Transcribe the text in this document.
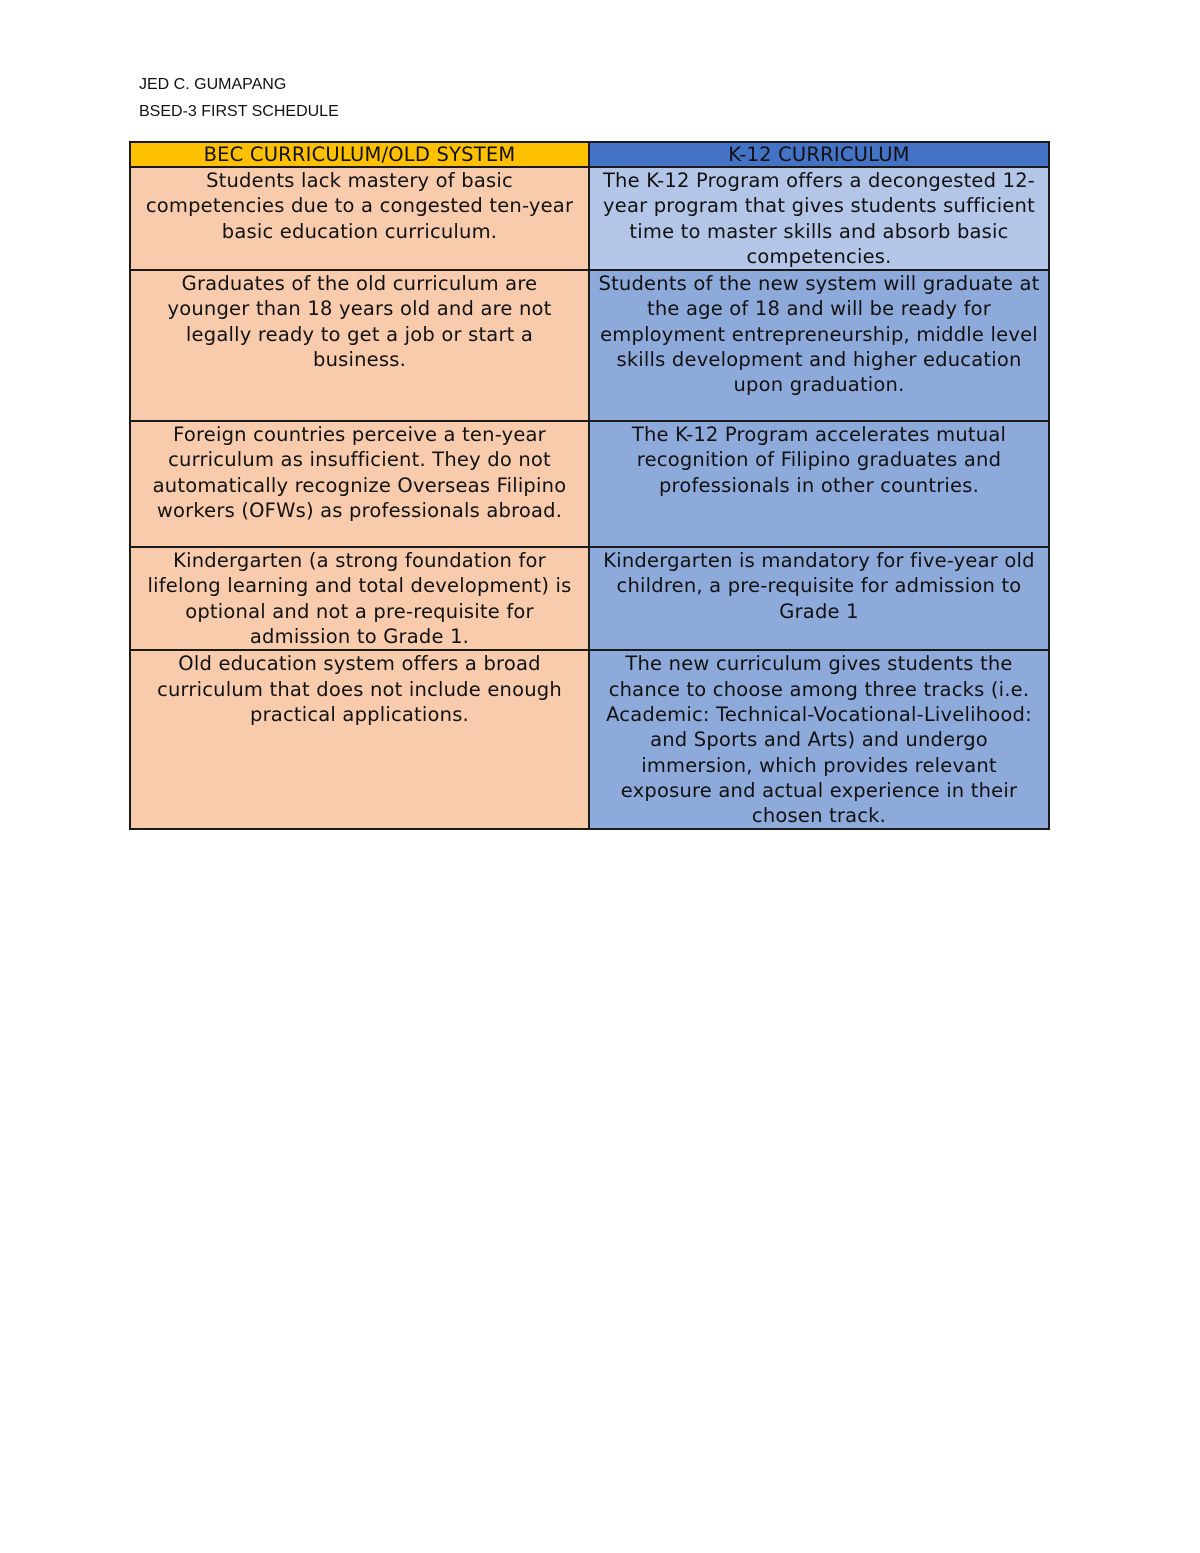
JED C. GUMAPANG
BSED-3 FIRST SCHEDULE
BEC CURRICULUM/OLD SYSTEM	K-12 CURRICULUM
Students lack mastery of basic competencies due to a congested ten-year basic education curriculum.	The K-12 Program offers a decongested 12-year program that gives students sufficient time to master skills and absorb basic competencies.
Graduates of the old curriculum are younger than 18 years old and are not legally ready to get a job or start a business.	Students of the new system will graduate at the age of 18 and will be ready for employment entrepreneurship, middle level skills development and higher education upon graduation.
Foreign countries perceive a ten-year curriculum as insufficient. They do not automatically recognize Overseas Filipino workers (OFWs) as professionals abroad.	The K-12 Program accelerates mutual recognition of Filipino graduates and professionals in other countries.
Kindergarten (a strong foundation for lifelong learning and total development) is optional and not a pre-requisite for admission to Grade 1.	Kindergarten is mandatory for five-year old children, a pre-requisite for admission to Grade 1
Old education system offers a broad curriculum that does not include enough practical applications.	The new curriculum gives students the chance to choose among three tracks (i.e. Academic: Technical-Vocational-Livelihood: and Sports and Arts) and undergo immersion, which provides relevant exposure and actual experience in their chosen track.
